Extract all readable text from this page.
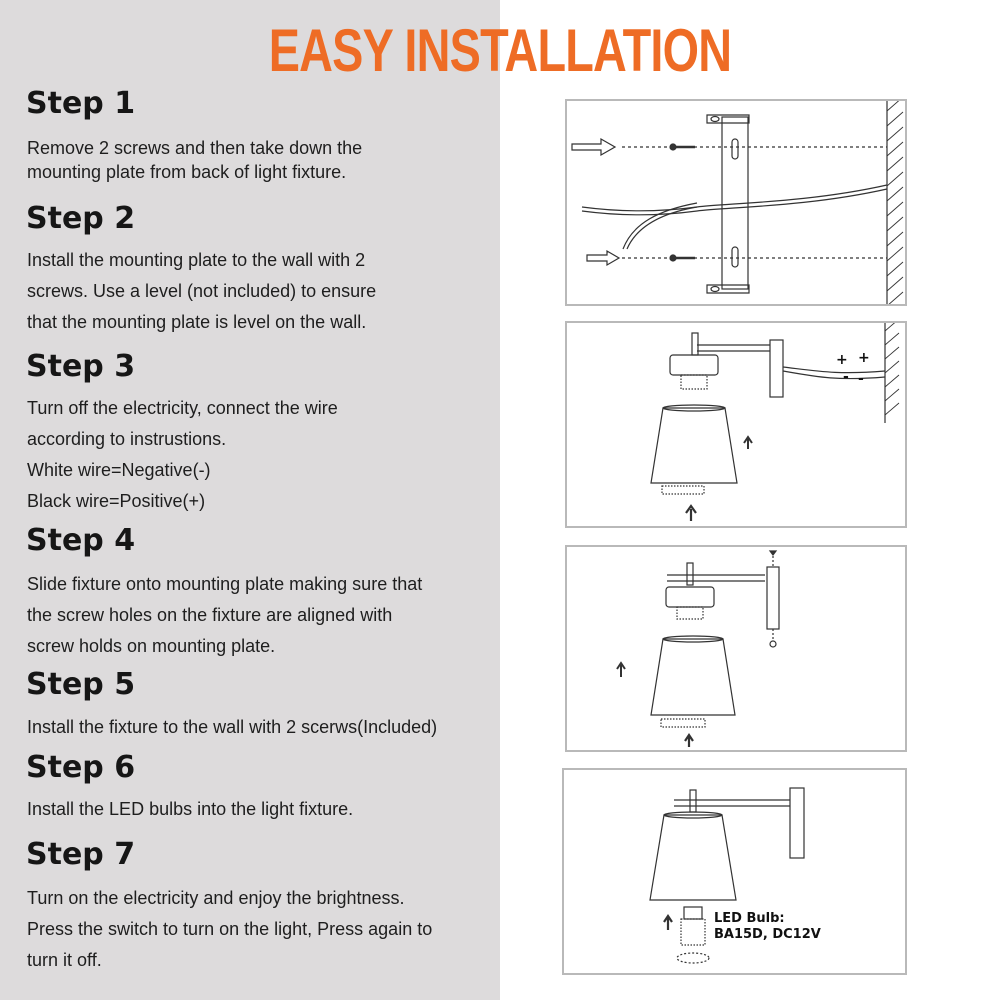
EASY INSTALLATION
Step 1

Remove 2 screws and then take down the
mounting plate from back of light fixture.

Step 2

Install the mounting plate to the wall with 2
screws. Use a level (not included) to ensure
that the mounting plate is level on the wall.

Step 3

Turn off the electricity, connect the wire
according to instrustions.
White wire=Negative(-)
Black wire=Positive(+)

Step 4

Slide fixture onto mounting plate making sure that
the screw holes on the fixture are aligned with
screw holds on mounting plate.

Step 5

Install the fixture to the wall with 2 scerws(Included)

Step 6

Install the LED bulbs into the light fixture.

Step 7

Turn on the electricity and enjoy the brightness.
Press the switch to turn on the light, Press again to
turn it off.

+ +
- -
LED Bulb:
BA15D, DC12V
